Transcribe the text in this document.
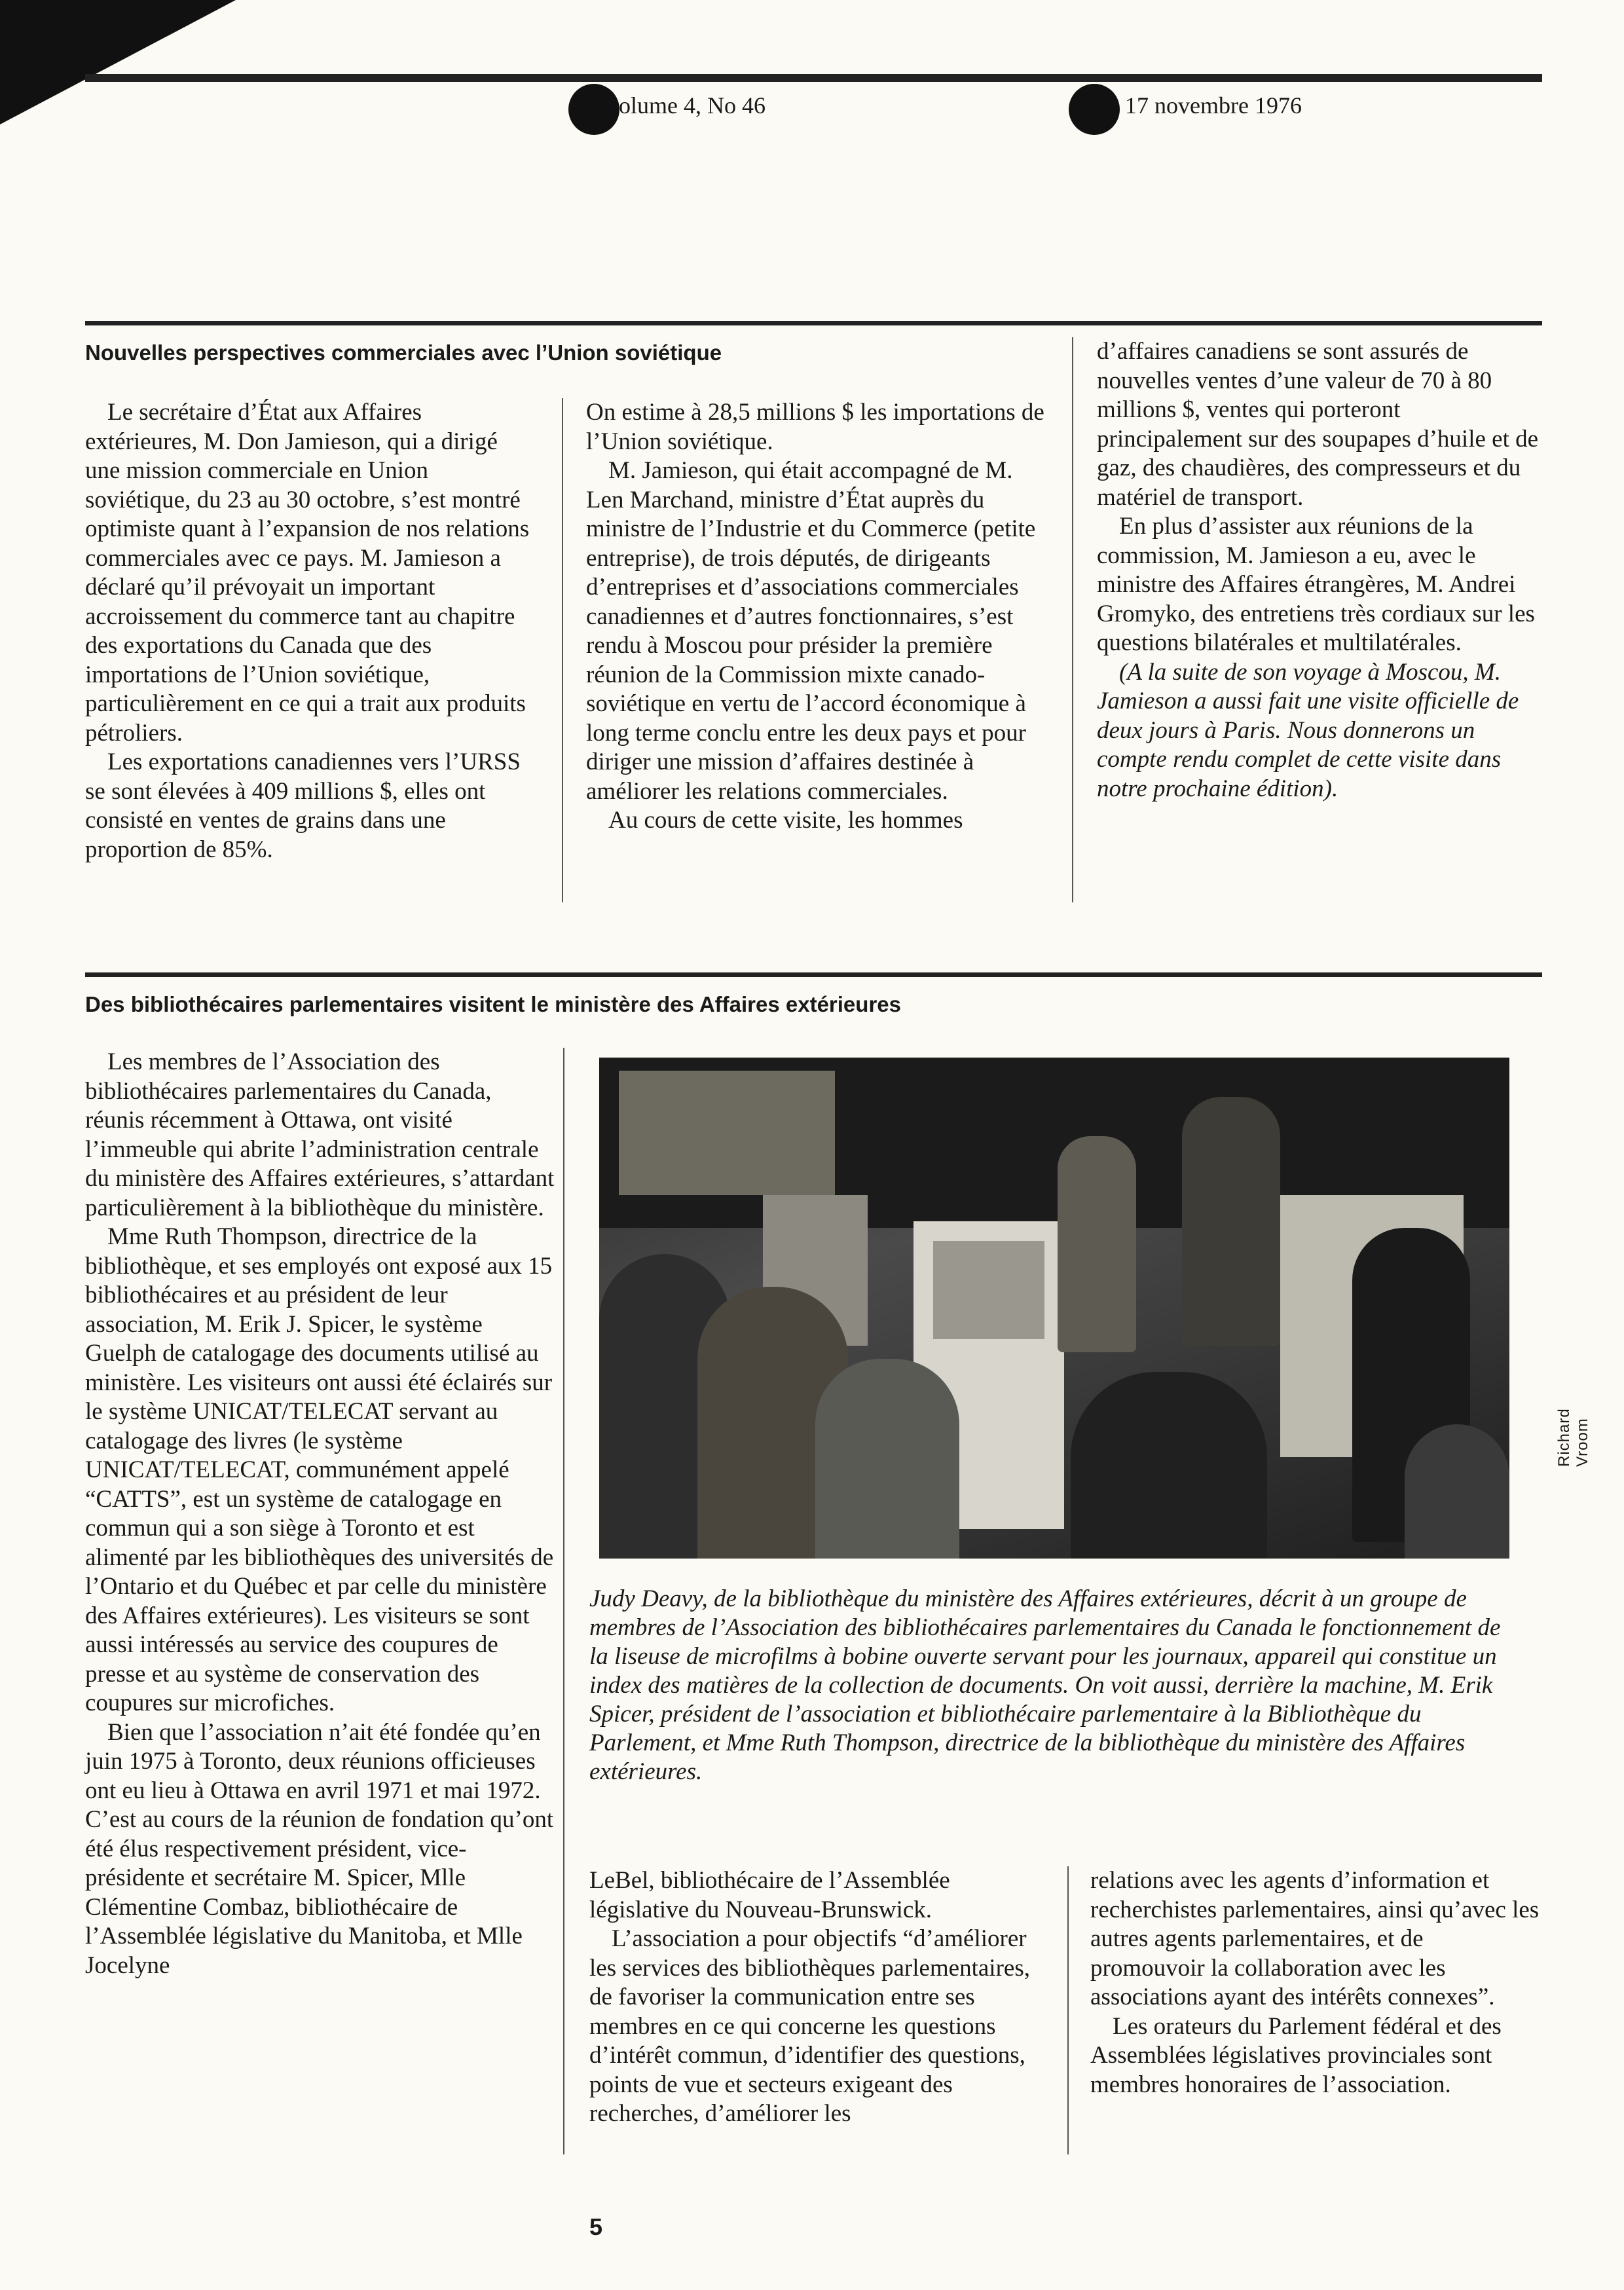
olume 4, No 46	17 novembre 1976
Nouvelles perspectives commerciales avec l’Union soviétique

Le secrétaire d’État aux Affaires extérieures, M. Don Jamieson, qui a dirigé une mission commerciale en Union soviétique, du 23 au 30 octobre, s’est montré optimiste quant à l’expansion de nos relations commerciales avec ce pays. M. Jamieson a déclaré qu’il prévoyait un important accroissement du commerce tant au chapitre des exportations du Canada que des importations de l’Union soviétique, particulièrement en ce qui a trait aux produits pétroliers.

Les exportations canadiennes vers l’URSS se sont élevées à 409 millions $, elles ont consisté en ventes de grains dans une proportion de 85%.

On estime à 28,5 millions $ les importations de l’Union soviétique.

M. Jamieson, qui était accompagné de M. Len Marchand, ministre d’État auprès du ministre de l’Industrie et du Commerce (petite entreprise), de trois députés, de dirigeants d’entreprises et d’associations commerciales canadiennes et d’autres fonctionnaires, s’est rendu à Moscou pour présider la première réunion de la Commission mixte canado-soviétique en vertu de l’accord économique à long terme conclu entre les deux pays et pour diriger une mission d’affaires destinée à améliorer les relations commerciales.

Au cours de cette visite, les hommes

d’affaires canadiens se sont assurés de nouvelles ventes d’une valeur de 70 à 80 millions $, ventes qui porteront principalement sur des soupapes d’huile et de gaz, des chaudières, des compresseurs et du matériel de transport.

En plus d’assister aux réunions de la commission, M. Jamieson a eu, avec le ministre des Affaires étrangères, M. Andrei Gromyko, des entretiens très cordiaux sur les questions bilatérales et multilatérales.

(A la suite de son voyage à Moscou, M. Jamieson a aussi fait une visite officielle de deux jours à Paris. Nous donnerons un compte rendu complet de cette visite dans notre prochaine édition).

Des bibliothécaires parlementaires visitent le ministère des Affaires extérieures

Les membres de l’Association des bibliothécaires parlementaires du Canada, réunis récemment à Ottawa, ont visité l’immeuble qui abrite l’administration centrale du ministère des Affaires extérieures, s’attardant particulièrement à la bibliothèque du ministère.

Mme Ruth Thompson, directrice de la bibliothèque, et ses employés ont exposé aux 15 bibliothécaires et au président de leur association, M. Erik J. Spicer, le système Guelph de catalogage des documents utilisé au ministère. Les visiteurs ont aussi été éclairés sur le système UNICAT/TELECAT servant au catalogage des livres (le système UNICAT/TELECAT, communément appelé “CATTS”, est un système de catalogage en commun qui a son siège à Toronto et est alimenté par les bibliothèques des universités de l’Ontario et du Québec et par celle du ministère des Affaires extérieures). Les visiteurs se sont aussi intéressés au service des coupures de presse et au système de conservation des coupures sur microfiches.

Bien que l’association n’ait été fondée qu’en juin 1975 à Toronto, deux réunions officieuses ont eu lieu à Ottawa en avril 1971 et mai 1972. C’est au cours de la réunion de fondation qu’ont été élus respectivement président, vice-présidente et secrétaire M. Spicer, Mlle Clémentine Combaz, bibliothécaire de l’Assemblée législative du Manitoba, et Mlle Jocelyne

Richard Vroom
Judy Deavy, de la bibliothèque du ministère des Affaires extérieures, décrit à un groupe de membres de l’Association des bibliothécaires parlementaires du Canada le fonctionnement de la liseuse de microfilms à bobine ouverte servant pour les journaux, appareil qui constitue un index des matières de la collection de documents. On voit aussi, derrière la machine, M. Erik Spicer, président de l’association et bibliothécaire parlementaire à la Bibliothèque du Parlement, et Mme Ruth Thompson, directrice de la bibliothèque du ministère des Affaires extérieures.

LeBel, bibliothécaire de l’Assemblée législative du Nouveau-Brunswick.

L’association a pour objectifs “d’améliorer les services des bibliothèques parlementaires, de favoriser la communication entre ses membres en ce qui concerne les questions d’intérêt commun, d’identifier des questions, points de vue et secteurs exigeant des recherches, d’améliorer les

relations avec les agents d’information et recherchistes parlementaires, ainsi qu’avec les autres agents parlementaires, et de promouvoir la collaboration avec les associations ayant des intérêts connexes”.

Les orateurs du Parlement fédéral et des Assemblées législatives provinciales sont membres honoraires de l’association.

5
